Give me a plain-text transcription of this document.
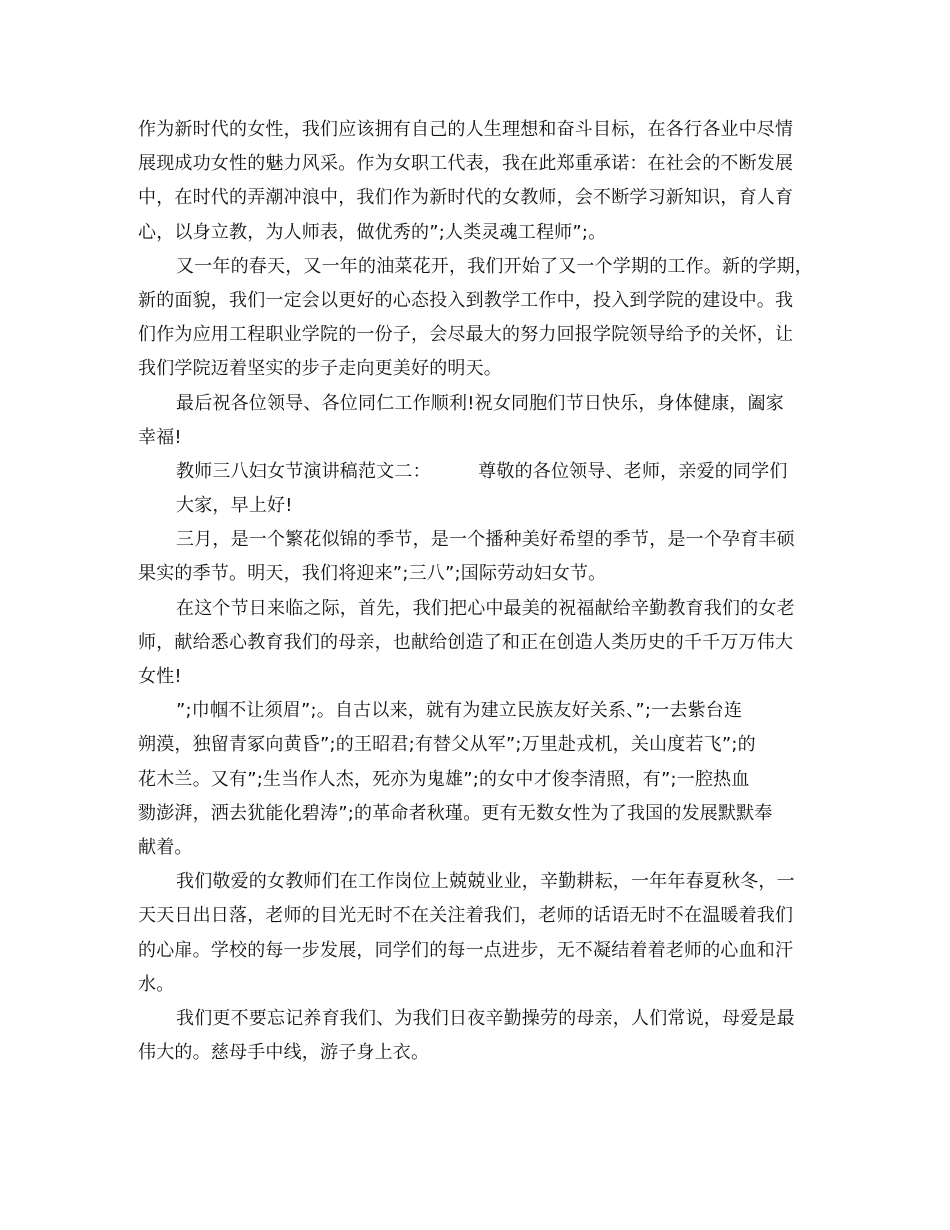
作为新时代的女性，我们应该拥有自己的人生理想和奋斗目标，在各行各业中尽情
展现成功女性的魅力风采。作为女职工代表，我在此郑重承诺：在社会的不断发展
中，在时代的弄潮冲浪中，我们作为新时代的女教师，会不断学习新知识，育人育
心，以身立教，为人师表，做优秀的”;人类灵魂工程师”;。
又一年的春天，又一年的油菜花开，我们开始了又一个学期的工作。新的学期，
新的面貌，我们一定会以更好的心态投入到教学工作中，投入到学院的建设中。我
们作为应用工程职业学院的一份子，会尽最大的努力回报学院领导给予的关怀，让
我们学院迈着坚实的步子走向更美好的明天。
最后祝各位领导、各位同仁工作顺利!祝女同胞们节日快乐，身体健康，阖家
幸福!
教师三八妇女节演讲稿范文二：        尊敬的各位领导、老师，亲爱的同学们
大家，早上好!
三月，是一个繁花似锦的季节，是一个播种美好希望的季节，是一个孕育丰硕
果实的季节。明天，我们将迎来”;三八”;国际劳动妇女节。
在这个节日来临之际，首先，我们把心中最美的祝福献给辛勤教育我们的女老
师，献给悉心教育我们的母亲，也献给创造了和正在创造人类历史的千千万万伟大
女性!
”;巾帼不让须眉”;。自古以来，就有为建立民族友好关系、”;一去紫台连
朔漠，独留青冢向黄昏”;的王昭君;有替父从军”;万里赴戎机，关山度若飞”;的
花木兰。又有”;生当作人杰，死亦为鬼雄”;的女中才俊李清照，有”;一腔热血
勠澎湃，洒去犹能化碧涛”;的革命者秋瑾。更有无数女性为了我国的发展默默奉
献着。
我们敬爱的女教师们在工作岗位上兢兢业业，辛勤耕耘，一年年春夏秋冬，一
天天日出日落，老师的目光无时不在关注着我们，老师的话语无时不在温暖着我们
的心扉。学校的每一步发展，同学们的每一点进步，无不凝结着着老师的心血和汗
水。
我们更不要忘记养育我们、为我们日夜辛勤操劳的母亲，人们常说，母爱是最
伟大的。慈母手中线，游子身上衣。
